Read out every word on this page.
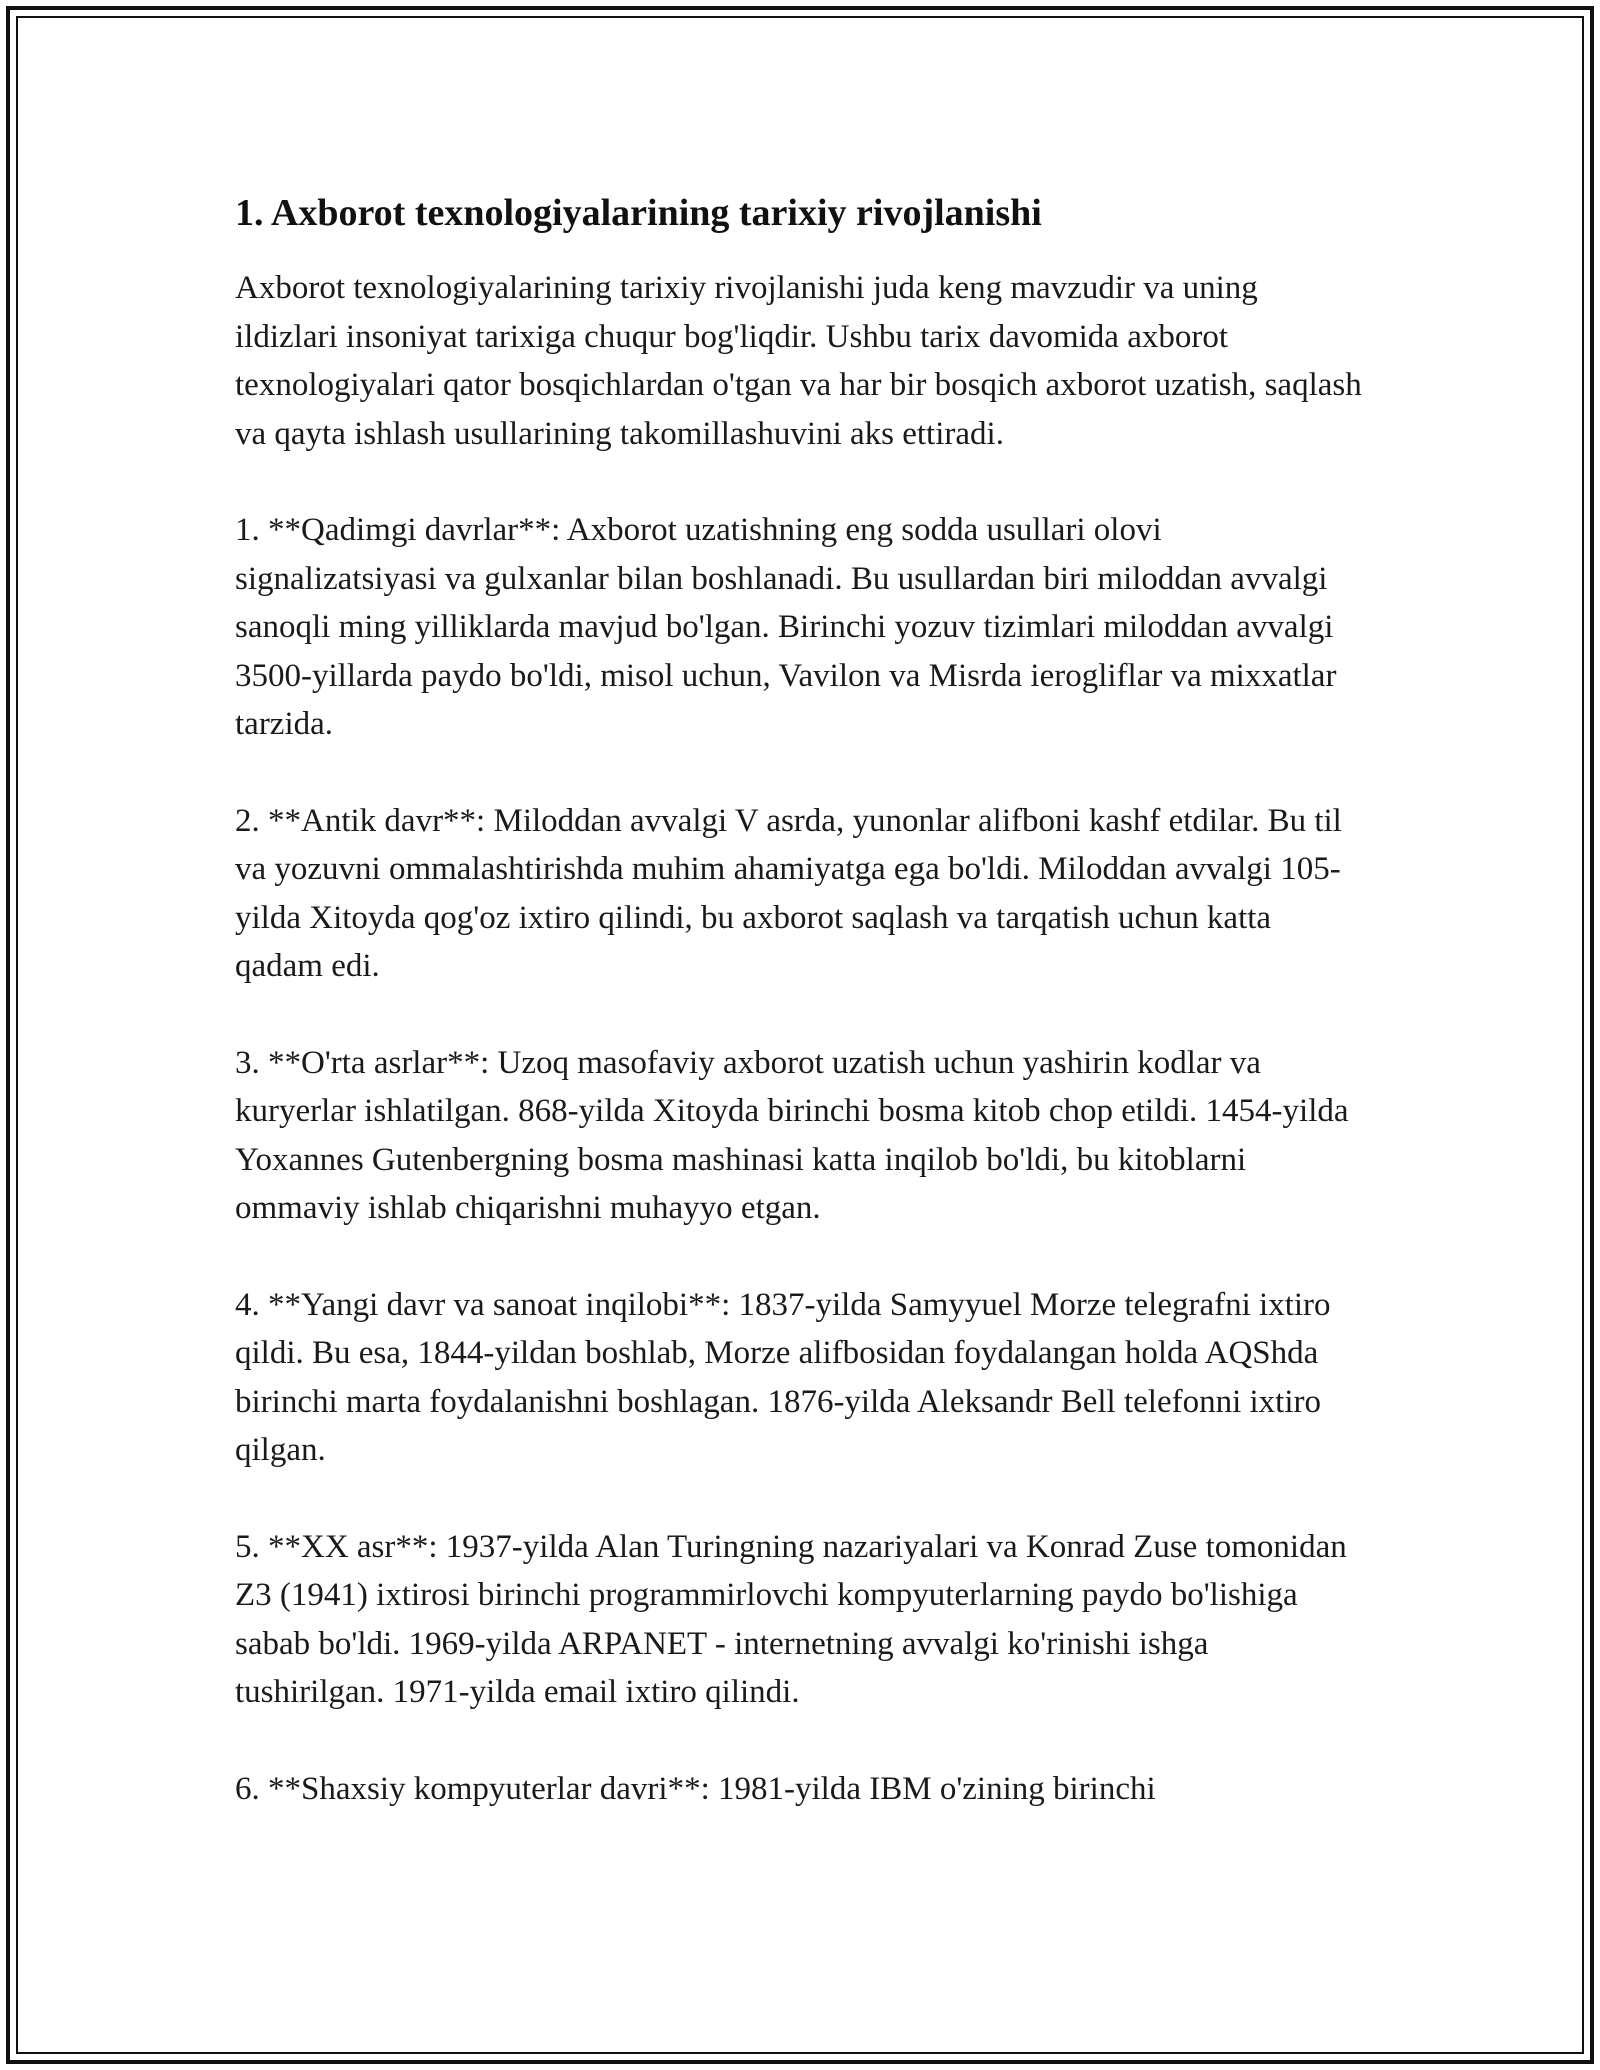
1. Axborot texnologiyalarining tarixiy rivojlanishi

Axborot texnologiyalarining tarixiy rivojlanishi juda keng mavzudir va uning ildizlari insoniyat tarixiga chuqur bog'liqdir. Ushbu tarix davomida axborot texnologiyalari qator bosqichlardan o'tgan va har bir bosqich axborot uzatish, saqlash va qayta ishlash usullarining takomillashuvini aks ettiradi.

1. **Qadimgi davrlar**: Axborot uzatishning eng sodda usullari olovi signalizatsiyasi va gulxanlar bilan boshlanadi. Bu usullardan biri miloddan avvalgi sanoqli ming yilliklarda mavjud bo'lgan. Birinchi yozuv tizimlari miloddan avvalgi 3500-yillarda paydo bo'ldi, misol uchun, Vavilon va Misrda ierogliflar va mixxatlar tarzida.

2. **Antik davr**: Miloddan avvalgi V asrda, yunonlar alifboni kashf etdilar. Bu til va yozuvni ommalashtirishda muhim ahamiyatga ega bo'ldi. Miloddan avvalgi 105-yilda Xitoyda qog'oz ixtiro qilindi, bu axborot saqlash va tarqatish uchun katta qadam edi.

3. **O'rta asrlar**: Uzoq masofaviy axborot uzatish uchun yashirin kodlar va kuryerlar ishlatilgan. 868-yilda Xitoyda birinchi bosma kitob chop etildi. 1454-yilda Yoxannes Gutenbergning bosma mashinasi katta inqilob bo'ldi, bu kitoblarni ommaviy ishlab chiqarishni muhayyo etgan.

4. **Yangi davr va sanoat inqilobi**: 1837-yilda Samyyuel Morze telegrafni ixtiro qildi. Bu esa, 1844-yildan boshlab, Morze alifbosidan foydalangan holda AQShda birinchi marta foydalanishni boshlagan. 1876-yilda Aleksandr Bell telefonni ixtiro qilgan.

5. **XX asr**: 1937-yilda Alan Turingning nazariyalari va Konrad Zuse tomonidan Z3 (1941) ixtirosi birinchi programmirlovchi kompyuterlarning paydo bo'lishiga sabab bo'ldi. 1969-yilda ARPANET - internetning avvalgi ko'rinishi ishga tushirilgan. 1971-yilda email ixtiro qilindi.

6. **Shaxsiy kompyuterlar davri**: 1981-yilda IBM o'zining birinchi
